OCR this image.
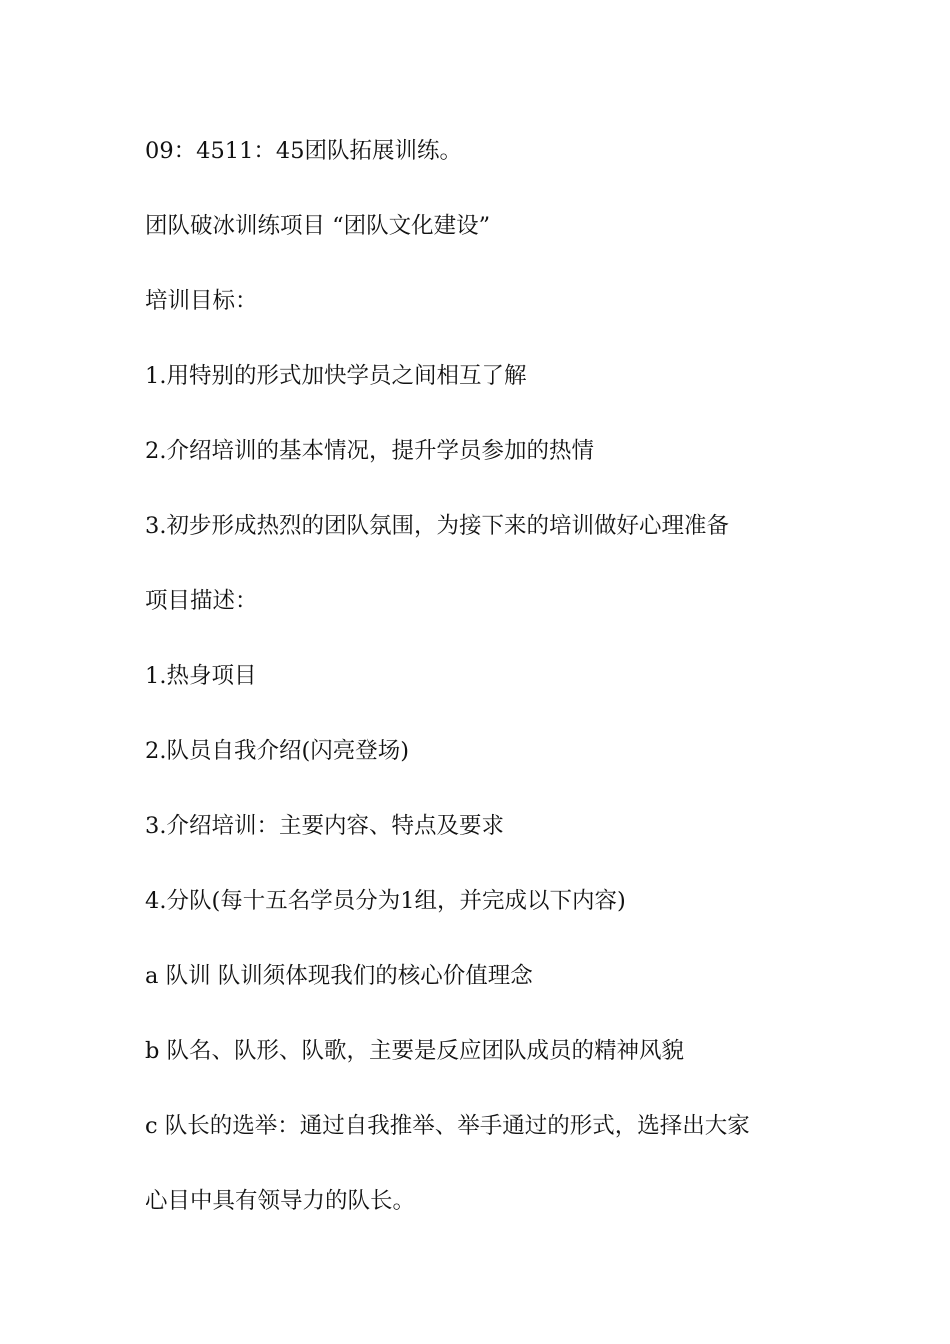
09：4511：45团队拓展训练。

团队破冰训练项目 “团队文化建设”

培训目标：

1.用特别的形式加快学员之间相互了解

2.介绍培训的基本情况，提升学员参加的热情

3.初步形成热烈的团队氛围，为接下来的培训做好心理准备

项目描述：

1.热身项目

2.队员自我介绍(闪亮登场)

3.介绍培训：主要内容、特点及要求

4.分队(每十五名学员分为1组，并完成以下内容)

a 队训 队训须体现我们的核心价值理念

b 队名、队形、队歌，主要是反应团队成员的精神风貌

c 队长的选举：通过自我推举、举手通过的形式，选择出大家

心目中具有领导力的队长。
